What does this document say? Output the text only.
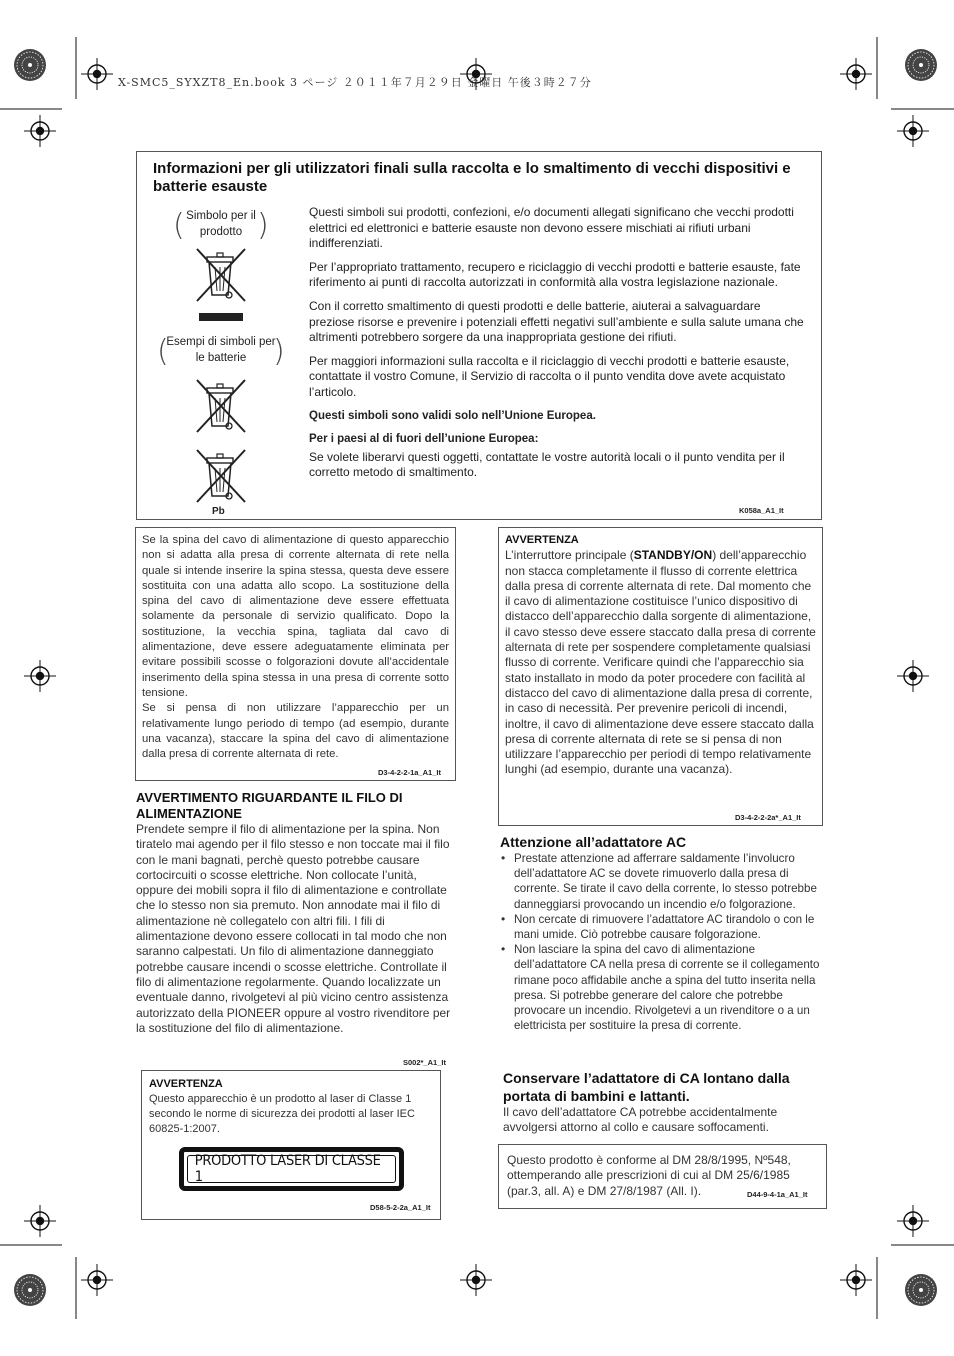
X-SMC5_SYXZT8_En.book 3 ページ ２０１１年７月２９日 金曜日 午後３時２７分
Informazioni per gli utilizzatori finali sulla raccolta e lo smaltimento di vecchi dispositivi e batterie esauste
( Simbolo per il prodotto )
(
Esempi di simboli per le batterie )
Pb

Questi simboli sui prodotti, confezioni, e/o documenti allegati significano che vecchi prodotti elettrici ed elettronici e batterie esauste non devono essere mischiati ai rifiuti urbani indifferenziati.

Per l’appropriato trattamento, recupero e riciclaggio di vecchi prodotti e batterie esauste, fate riferimento ai punti di raccolta autorizzati in conformità alla vostra legislazione nazionale.

Con il corretto smaltimento di questi prodotti e delle batterie, aiuterai a salvaguardare preziose risorse e prevenire i potenziali effetti negativi sull’ambiente e sulla salute umana che altrimenti potrebbero sorgere da una inappropriata gestione dei rifiuti.

Per maggiori informazioni sulla raccolta e il riciclaggio di vecchi prodotti e batterie esauste, contattate il vostro Comune, il Servizio di raccolta o il punto vendita dove avete acquistato l’articolo.

Questi simboli sono validi solo nell’Unione Europea.

Per i paesi al di fuori dell’unione Europea:

Se volete liberarvi questi oggetti, contattate le vostre autorità locali o il punto vendita per il corretto metodo di smaltimento.

K058a_A1_It
Se la spina del cavo di alimentazione di questo apparecchio non si adatta alla presa di corrente alternata di rete nella quale si intende inserire la spina stessa, questa deve essere sostituita con una adatta allo scopo. La sostituzione della spina del cavo di alimentazione deve essere effettuata solamente da personale di servizio qualificato. Dopo la sostituzione, la vecchia spina, tagliata dal cavo di alimentazione, deve essere adeguatamente eliminata per evitare possibili scosse o folgorazioni dovute all’accidentale inserimento della spina stessa in una presa di corrente sotto tensione.
Se si pensa di non utilizzare l’apparecchio per un relativamente lungo periodo di tempo (ad esempio, durante una vacanza), staccare la spina del cavo di alimentazione dalla presa di corrente alternata di rete.
D3-4-2-2-1a_A1_It
AVVERTIMENTO RIGUARDANTE IL FILO DI ALIMENTAZIONE
Prendete sempre il filo di alimentazione per la spina. Non tiratelo mai agendo per il filo stesso e non toccate mai il filo con le mani bagnati, perchè questo potrebbe causare cortocircuiti o scosse elettriche. Non collocate l’unità, oppure dei mobili sopra il filo di alimentazione e controllate che lo stesso non sia premuto. Non annodate mai il filo di alimentazione nè collegatelo con altri fili. I fili di alimentazione devono essere collocati in tal modo che non saranno calpestati. Un filo di alimentazione danneggiato potrebbe causare incendi o scosse elettriche. Controllate il filo di alimentazione regolarmente. Quando localizzate un eventuale danno, rivolgetevi al più vicino centro assistenza autorizzato della PIONEER oppure al vostro rivenditore per la sostituzione del filo di alimentazione.
S002*_A1_It
AVVERTENZA
Questo apparecchio è un prodotto al laser di Classe 1 secondo le norme di sicurezza dei prodotti al laser IEC 60825-1:2007.
PRODOTTO LASER DI CLASSE 1
D58-5-2-2a_A1_It
AVVERTENZA
L’interruttore principale (STANDBY/ON) dell’apparecchio non stacca completamente il flusso di corrente elettrica dalla presa di corrente alternata di rete. Dal momento che il cavo di alimentazione costituisce l’unico dispositivo di distacco dell’apparecchio dalla sorgente di alimentazione, il cavo stesso deve essere staccato dalla presa di corrente alternata di rete per sospendere completamente qualsiasi flusso di corrente. Verificare quindi che l’apparecchio sia stato installato in modo da poter procedere con facilità al distacco del cavo di alimentazione dalla presa di corrente, in caso di necessità. Per prevenire pericoli di incendi, inoltre, il cavo di alimentazione deve essere staccato dalla presa di corrente alternata di rete se si pensa di non utilizzare l’apparecchio per periodi di tempo relativamente lunghi (ad esempio, durante una vacanza).
D3-4-2-2-2a*_A1_It
Attenzione all’adattatore AC
• Prestate attenzione ad afferrare saldamente l’involucro dell’adattatore AC se dovete rimuoverlo dalla presa di corrente. Se tirate il cavo della corrente, lo stesso potrebbe danneggiarsi provocando un incendio e/o folgorazione.
• Non cercate di rimuovere l’adattatore AC tirandolo o con le mani umide. Ciò potrebbe causare folgorazione.
• Non lasciare la spina del cavo di alimentazione dell’adattatore CA nella presa di corrente se il collegamento rimane poco affidabile anche a spina del tutto inserita nella presa. Si potrebbe generare del calore che potrebbe provocare un incendio. Rivolgetevi a un rivenditore o a un elettricista per sostituire la presa di corrente.
Conservare l’adattatore di CA lontano dalla portata di bambini e lattanti.
Il cavo dell’adattatore CA potrebbe accidentalmente avvolgersi attorno al collo e causare soffocamenti.
Questo prodotto è conforme al DM 28/8/1995, Nº548, ottemperando alle prescrizioni di cui al DM 25/6/1985 (par.3, all. A) e DM 27/8/1987 (All. I).	D44-9-4-1a_A1_It
